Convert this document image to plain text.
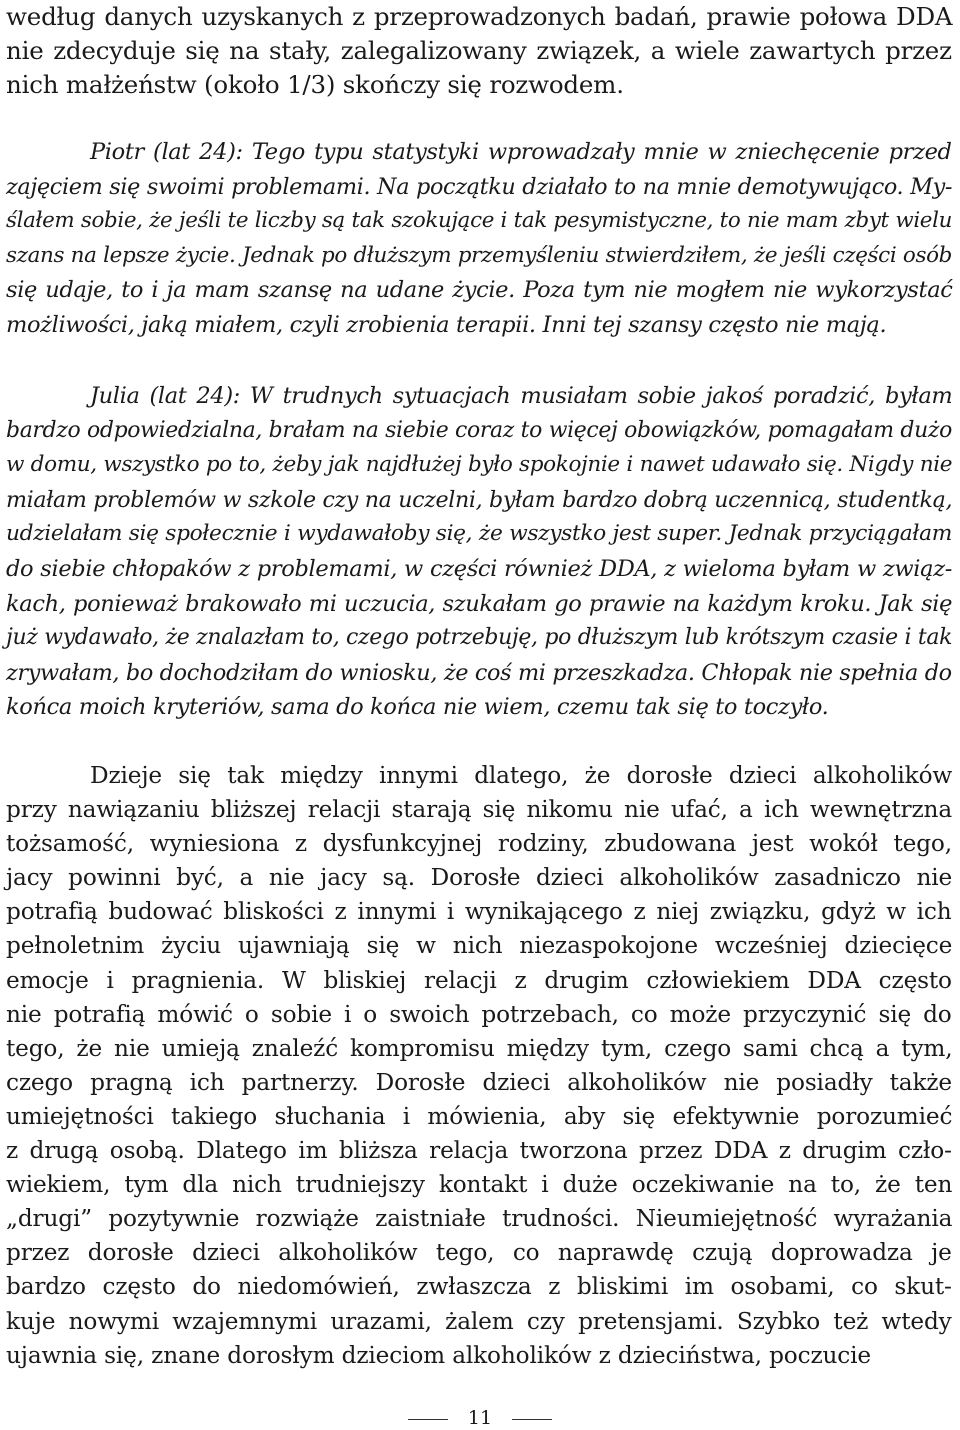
według danych uzyskanych z przeprowadzonych badań, prawie połowa DDA
nie zdecyduje się na stały, zalegalizowany związek, a wiele zawartych przez
nich małżeństw (około 1/3) skończy się rozwodem.
Piotr (lat 24): Tego typu statystyki wprowadzały mnie w zniechęcenie przed
zajęciem się swoimi problemami. Na początku działało to na mnie demotywująco. My-
ślałem sobie, że jeśli te liczby są tak szokujące i tak pesymistyczne, to nie mam zbyt wielu
szans na lepsze życie. Jednak po dłuższym przemyśleniu stwierdziłem, że jeśli części osób
się udaje, to i ja mam szansę na udane życie. Poza tym nie mogłem nie wykorzystać
możliwości, jaką miałem, czyli zrobienia terapii. Inni tej szansy często nie mają.
Julia (lat 24): W trudnych sytuacjach musiałam sobie jakoś poradzić, byłam
bardzo odpowiedzialna, brałam na siebie coraz to więcej obowiązków, pomagałam dużo
w domu, wszystko po to, żeby jak najdłużej było spokojnie i nawet udawało się. Nigdy nie
miałam problemów w szkole czy na uczelni, byłam bardzo dobrą uczennicą, studentką,
udzielałam się społecznie i wydawałoby się, że wszystko jest super. Jednak przyciągałam
do siebie chłopaków z problemami, w części również DDA, z wieloma byłam w związ-
kach, ponieważ brakowało mi uczucia, szukałam go prawie na każdym kroku. Jak się
już wydawało, że znalazłam to, czego potrzebuję, po dłuższym lub krótszym czasie i tak
zrywałam, bo dochodziłam do wniosku, że coś mi przeszkadza. Chłopak nie spełnia do
końca moich kryteriów, sama do końca nie wiem, czemu tak się to toczyło.
Dzieje się tak między innymi dlatego, że dorosłe dzieci alkoholików
przy nawiązaniu bliższej relacji starają się nikomu nie ufać, a ich wewnętrzna
tożsamość, wyniesiona z dysfunkcyjnej rodziny, zbudowana jest wokół tego,
jacy powinni być, a nie jacy są. Dorosłe dzieci alkoholików zasadniczo nie
potrafią budować bliskości z innymi i wynikającego z niej związku, gdyż w ich
pełnoletnim życiu ujawniają się w nich niezaspokojone wcześniej dziecięce
emocje i pragnienia. W bliskiej relacji z drugim człowiekiem DDA często
nie potrafią mówić o sobie i o swoich potrzebach, co może przyczynić się do
tego, że nie umieją znaleźć kompromisu między tym, czego sami chcą a tym,
czego pragną ich partnerzy. Dorosłe dzieci alkoholików nie posiadły także
umiejętności takiego słuchania i mówienia, aby się efektywnie porozumieć
z drugą osobą. Dlatego im bliższa relacja tworzona przez DDA z drugim czło-
wiekiem, tym dla nich trudniejszy kontakt i duże oczekiwanie na to, że ten
„drugi” pozytywnie rozwiąże zaistniałe trudności. Nieumiejętność wyrażania
przez dorosłe dzieci alkoholików tego, co naprawdę czują doprowadza je
bardzo często do niedomówień, zwłaszcza z bliskimi im osobami, co skut-
kuje nowymi wzajemnymi urazami, żalem czy pretensjami. Szybko też wtedy
ujawnia się, znane dorosłym dzieciom alkoholików z dzieciństwa, poczucie
11
